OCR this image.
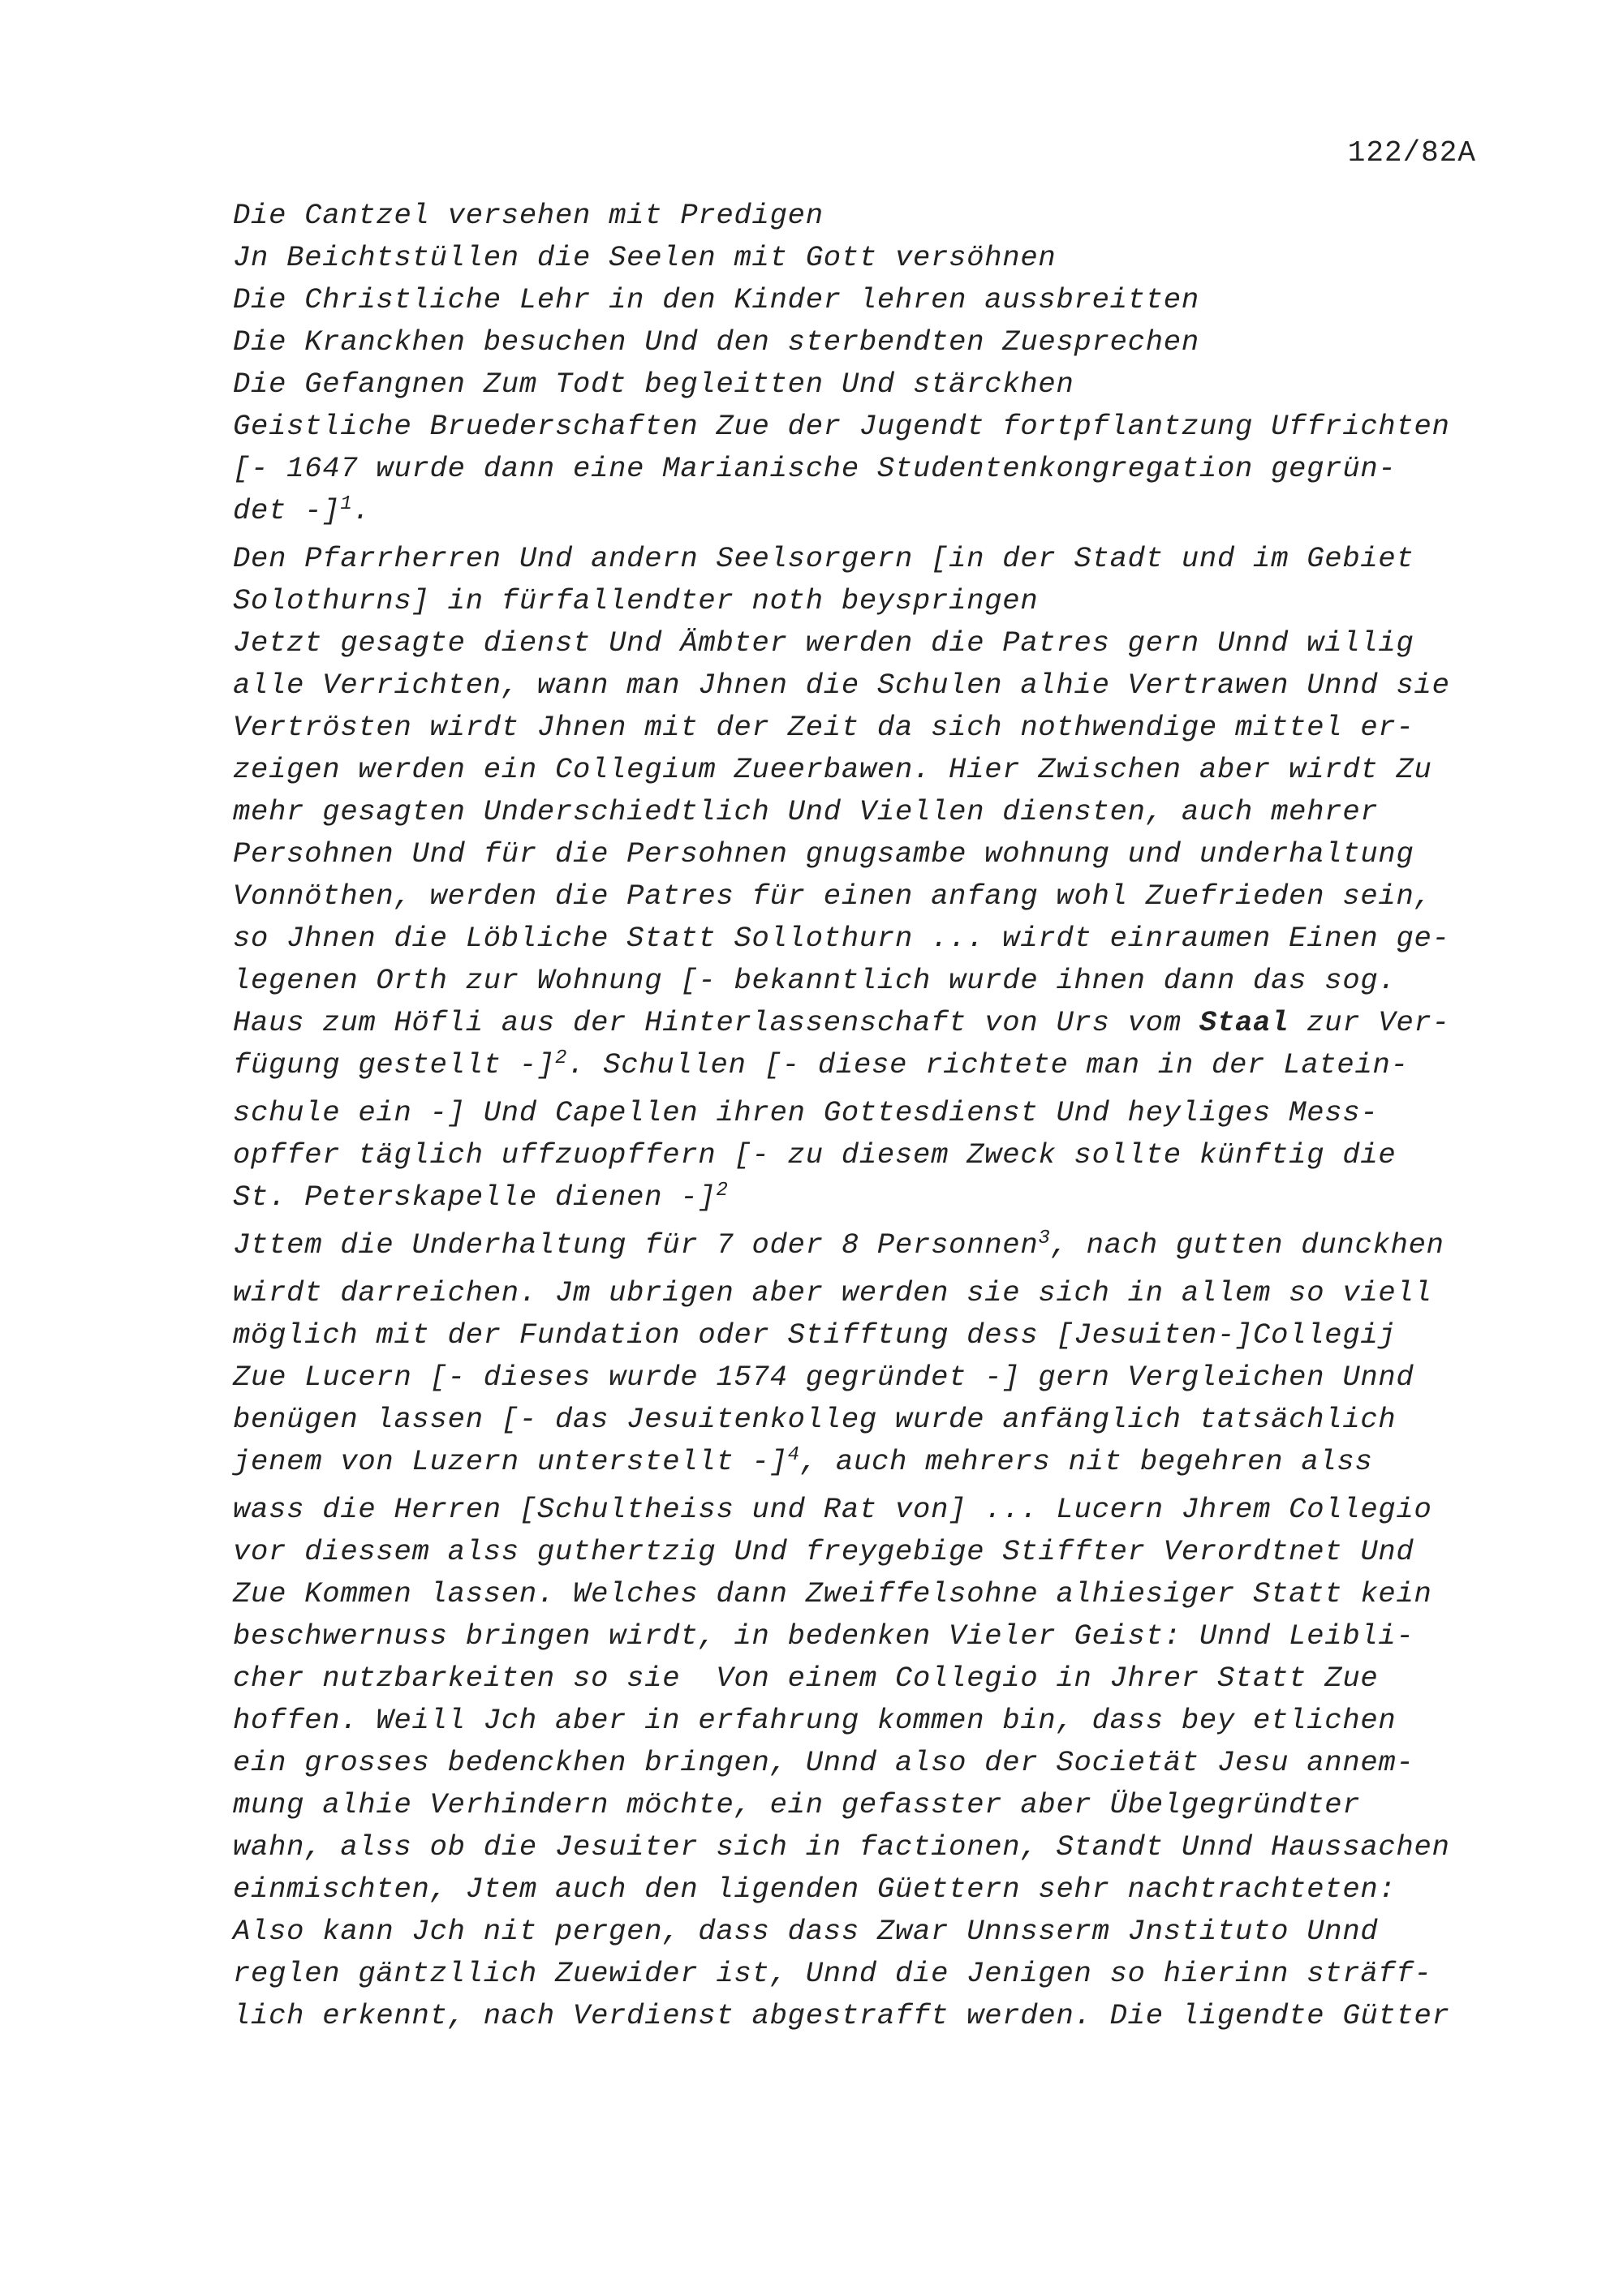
122/82A
Die Cantzel versehen mit Predigen
Jn Beichtstüllen die Seelen mit Gott versöhnen
Die Christliche Lehr in den Kinder lehren aussbreitten
Die Kranckhen besuchen Und den sterbendten Zuesprechen
Die Gefangnen Zum Todt begleitten Und stärckhen
Geistliche Bruederschaften Zue der Jugendt fortpflantzung Uffrichten
[- 1647 wurde dann eine Marianische Studentenkongregation gegrün-
det -]$^1$.
Den Pfarrherren Und andern Seelsorgern [in der Stadt und im Gebiet
Solothurns] in fürfallendter noth beyspringen
Jetzt gesagte dienst Und Ämbter werden die Patres gern Unnd willig
alle Verrichten, wann man Jhnen die Schulen alhie Vertrawen Unnd sie
Vertrösten wirdt Jhnen mit der Zeit da sich nothwendige mittel er-
zeigen werden ein Collegium Zueerbawen. Hier Zwischen aber wirdt Zu
mehr gesagten Underschiedtlich Und Viellen diensten, auch mehrer
Persohnen Und für die Persohnen gnugsambe wohnung und underhaltung
Vonnöthen, werden die Patres für einen anfang wohl Zuefrieden sein,
so Jhnen die Löbliche Statt Sollothurn ... wirdt einraumen Einen ge-
legenen Orth zur Wohnung [- bekanntlich wurde ihnen dann das sog.
Haus zum Höfli aus der Hinterlassenschaft von Urs vom Staal zur Ver-
fügung gestellt -]$^2$. Schullen [- diese richtete man in der Latein-
schule ein -] Und Capellen ihren Gottesdienst Und heyliges Mess-
opffer täglich uffzuopffern [- zu diesem Zweck sollte künftig die
St. Peterskapelle dienen -]$^2$
Jttem die Underhaltung für 7 oder 8 Personnen$^3$, nach gutten dunckhen
wirdt darreichen. Jm ubrigen aber werden sie sich in allem so viell
möglich mit der Fundation oder Stifftung dess [Jesuiten-]Collegij
Zue Lucern [- dieses wurde 1574 gegründet -] gern Vergleichen Unnd
benügen lassen [- das Jesuitenkolleg wurde anfänglich tatsächlich
jenem von Luzern unterstellt -]$^4$, auch mehrers nit begehren alss
wass die Herren [Schultheiss und Rat von] ... Lucern Jhrem Collegio
vor diessem alss guthertzig Und freygebige Stiffter Verordtnet Und
Zue Kommen lassen. Welches dann Zweiffelsohne alhiesiger Statt kein
beschwernuss bringen wirdt, in bedenken Vieler Geist: Unnd Leibli-
cher nutzbarkeiten so sie  Von einem Collegio in Jhrer Statt Zue
hoffen. Weill Jch aber in erfahrung kommen bin, dass bey etlichen
ein grosses bedenckhen bringen, Unnd also der Societät Jesu annem-
mung alhie Verhindern möchte, ein gefasster aber Übelgegründter
wahn, alss ob die Jesuiter sich in factionen, Standt Unnd Haussachen
einmischten, Jtem auch den ligenden Güettern sehr nachtrachteten:
Also kann Jch nit pergen, dass dass Zwar Unnsserm Jnstituto Unnd
reglen gäntzllich Zuewider ist, Unnd die Jenigen so hierinn sträff-
lich erkennt, nach Verdienst abgestrafft werden. Die ligendte Gütter
